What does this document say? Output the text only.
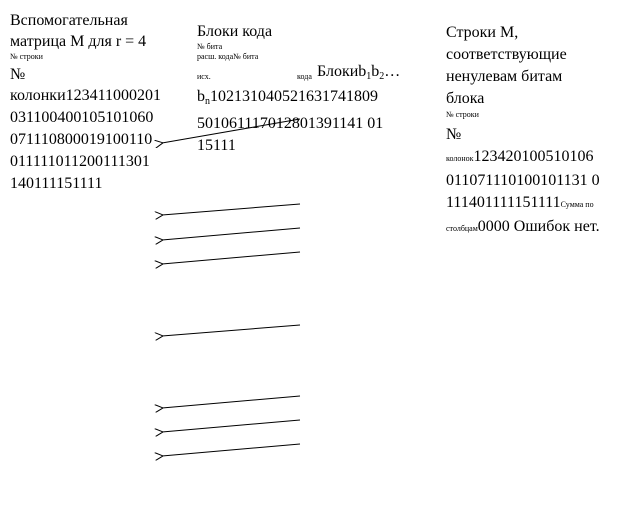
Вспомогательная
матрица М для r = 4
№ строки
№
колонки123411000201
031100400105101060
071110800019100110
011111011200111301
140111151111
Блоки кода
№ бита
расш. кода№ бита
исх.	кода $Блокиb_1b_2\dots$
$b_n102131040521631741809$
501061117012801391141 01
15111
Строки М,
соответствующие
ненулевам битам
блока
№ строки
№
колонок123420100510106
011071110100101131 0
111401111151111Сумма по
столбцам0000 Ошибок нет.
